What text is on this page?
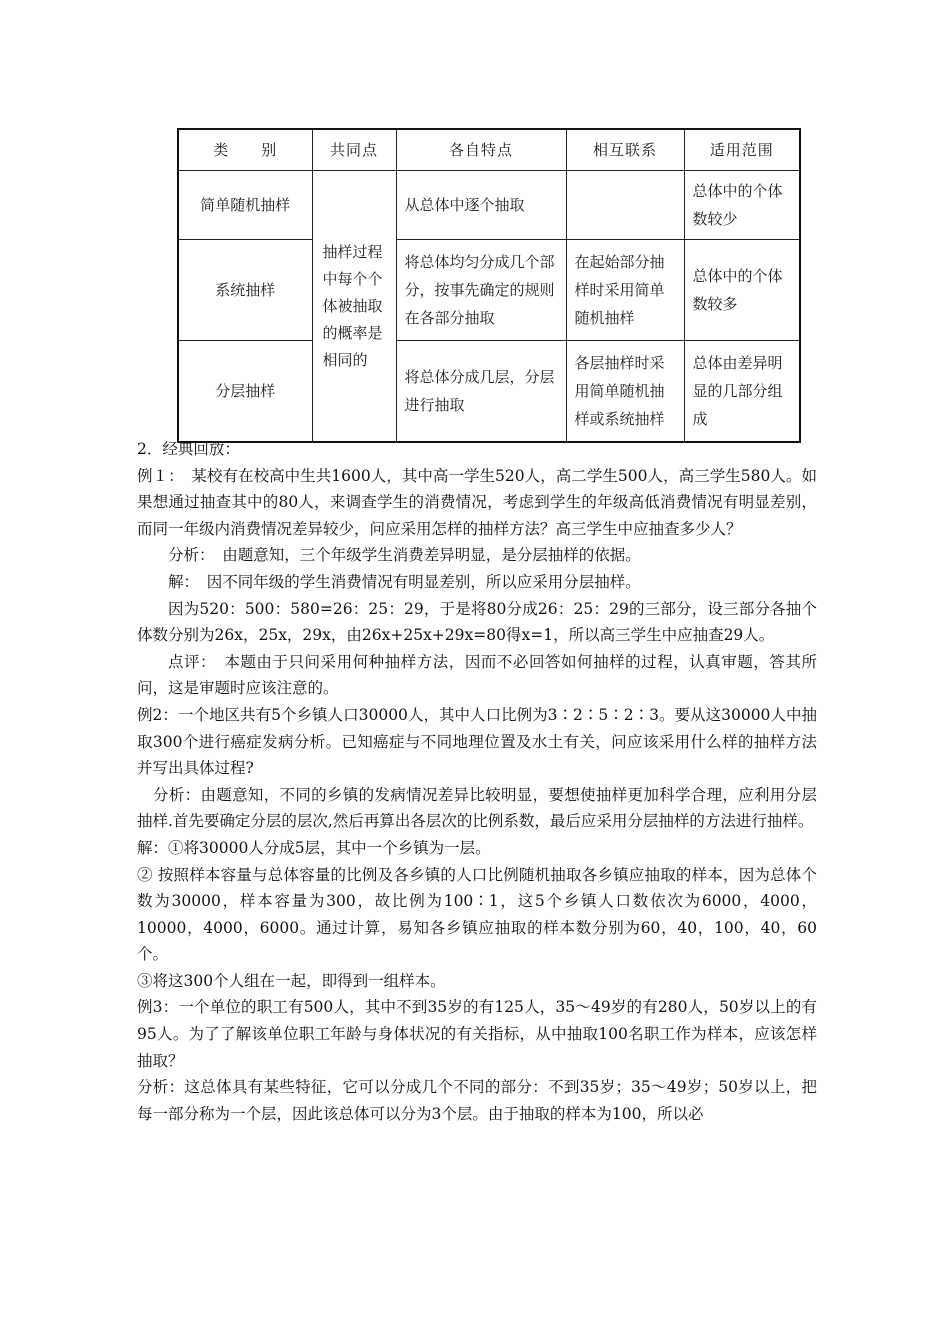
类　　别	共同点	各自特点	相互联系	适用范围
简单随机抽样	抽样过程中每个个体被抽取的概率是相同的	从总体中逐个抽取		总体中的个体数较少
系统抽样		将总体均匀分成几个部分，按事先确定的规则在各部分抽取	在起始部分抽样时采用简单随机抽样	总体中的个体数较多
分层抽样		将总体分成几层，分层进行抽取	各层抽样时采用简单随机抽样或系统抽样	总体由差异明显的几部分组成

2．经典回放：

例１：　某校有在校高中生共1600人，其中高一学生520人，高二学生500人，高三学生580人。如果想通过抽查其中的80人，来调查学生的消费情况，考虑到学生的年级高低消费情况有明显差别，而同一年级内消费情况差异较少，问应采用怎样的抽样方法？高三学生中应抽查多少人？

分析：　由题意知，三个年级学生消费差异明显，是分层抽样的依据。

解：　因不同年级的学生消费情况有明显差别，所以应采用分层抽样。

因为520：500：580=26：25：29，于是将80分成26：25：29的三部分，设三部分各抽个体数分别为26x，25x，29x，由26x+25x+29x=80得x=1，所以高三学生中应抽查29人。

点评：　本题由于只问采用何种抽样方法，因而不必回答如何抽样的过程，认真审题，答其所问，这是审题时应该注意的。

例2：一个地区共有5个乡镇人口30000人，其中人口比例为3∶2∶5∶2∶3。要从这30000人中抽取300个进行癌症发病分析。已知癌症与不同地理位置及水土有关，问应该采用什么样的抽样方法并写出具体过程?

分析：由题意知，不同的乡镇的发病情况差异比较明显，要想使抽样更加科学合理，应利用分层抽样.首先要确定分层的层次,然后再算出各层次的比例系数，最后应采用分层抽样的方法进行抽样。

解：①将30000人分成5层，其中一个乡镇为一层。

② 按照样本容量与总体容量的比例及各乡镇的人口比例随机抽取各乡镇应抽取的样本，因为总体个数为30000，样本容量为300，故比例为100∶1，这5个乡镇人口数依次为6000，4000，10000，4000，6000。通过计算，易知各乡镇应抽取的样本数分别为60，40，100，40，60个。

③将这300个人组在一起，即得到一组样本。

例3：一个单位的职工有500人，其中不到35岁的有125人，35～49岁的有280人，50岁以上的有95人。为了了解该单位职工年龄与身体状况的有关指标，从中抽取100名职工作为样本，应该怎样抽取？

分析：这总体具有某些特征，它可以分成几个不同的部分：不到35岁；35～49岁；50岁以上，把每一部分称为一个层，因此该总体可以分为3个层。由于抽取的样本为100，所以必
